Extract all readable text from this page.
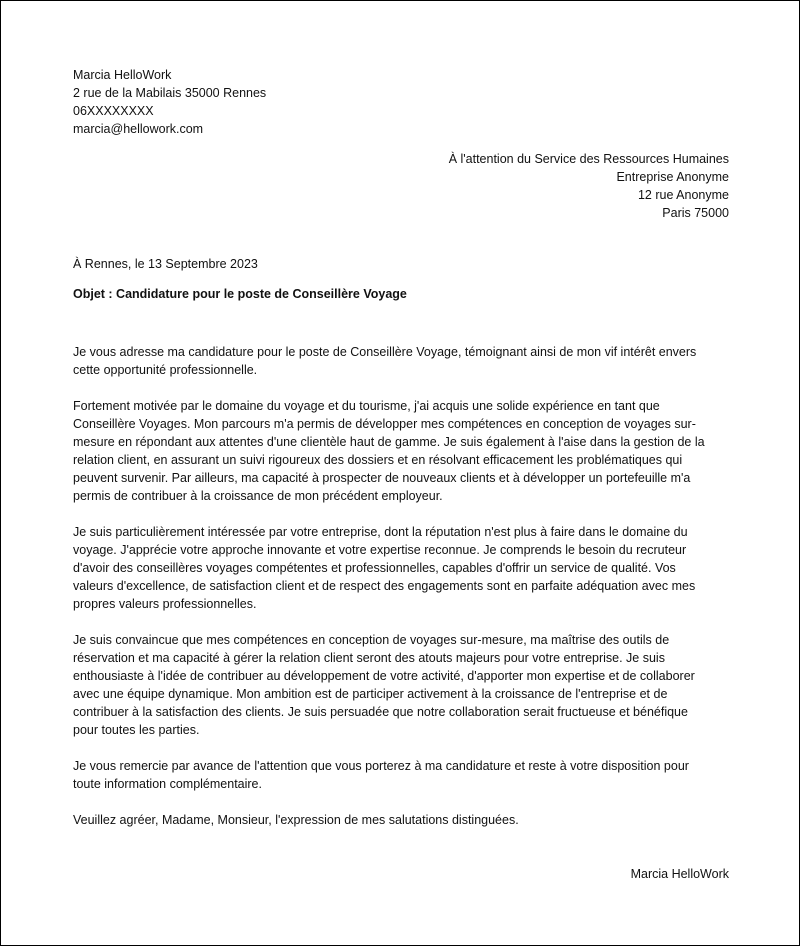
Marcia HelloWork
2 rue de la Mabilais 35000 Rennes
06XXXXXXXX
marcia@hellowork.com
À l'attention du Service des Ressources Humaines
Entreprise Anonyme
12 rue Anonyme
Paris 75000
À Rennes, le 13 Septembre 2023
Objet : Candidature pour le poste de Conseillère Voyage

Je vous adresse ma candidature pour le poste de Conseillère Voyage, témoignant ainsi de mon vif intérêt envers
cette opportunité professionnelle.

Fortement motivée par le domaine du voyage et du tourisme, j'ai acquis une solide expérience en tant que
Conseillère Voyages. Mon parcours m'a permis de développer mes compétences en conception de voyages sur-
mesure en répondant aux attentes d'une clientèle haut de gamme. Je suis également à l'aise dans la gestion de la
relation client, en assurant un suivi rigoureux des dossiers et en résolvant efficacement les problématiques qui
peuvent survenir. Par ailleurs, ma capacité à prospecter de nouveaux clients et à développer un portefeuille m'a
permis de contribuer à la croissance de mon précédent employeur.

Je suis particulièrement intéressée par votre entreprise, dont la réputation n'est plus à faire dans le domaine du
voyage. J'apprécie votre approche innovante et votre expertise reconnue. Je comprends le besoin du recruteur
d'avoir des conseillères voyages compétentes et professionnelles, capables d'offrir un service de qualité. Vos
valeurs d'excellence, de satisfaction client et de respect des engagements sont en parfaite adéquation avec mes
propres valeurs professionnelles.

Je suis convaincue que mes compétences en conception de voyages sur-mesure, ma maîtrise des outils de
réservation et ma capacité à gérer la relation client seront des atouts majeurs pour votre entreprise. Je suis
enthousiaste à l'idée de contribuer au développement de votre activité, d'apporter mon expertise et de collaborer
avec une équipe dynamique. Mon ambition est de participer activement à la croissance de l'entreprise et de
contribuer à la satisfaction des clients. Je suis persuadée que notre collaboration serait fructueuse et bénéfique
pour toutes les parties.

Je vous remercie par avance de l'attention que vous porterez à ma candidature et reste à votre disposition pour
toute information complémentaire.

Veuillez agréer, Madame, Monsieur, l'expression de mes salutations distinguées.

Marcia HelloWork
